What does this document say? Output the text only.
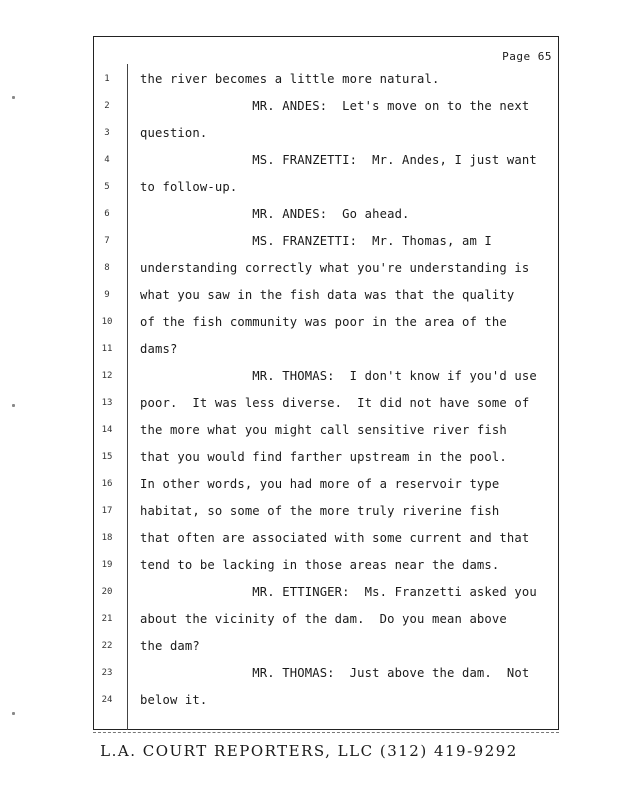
Page 65
1	the river becomes a little more natural.
2	MR. ANDES:  Let's move on to the next
3	question.
4	MS. FRANZETTI:  Mr. Andes, I just want
5	to follow-up.
6	MR. ANDES:  Go ahead.
7	MS. FRANZETTI:  Mr. Thomas, am I
8	understanding correctly what you're understanding is
9	what you saw in the fish data was that the quality
10	of the fish community was poor in the area of the
11	dams?
12	MR. THOMAS:  I don't know if you'd use
13	poor.  It was less diverse.  It did not have some of
14	the more what you might call sensitive river fish
15	that you would find farther upstream in the pool.
16	In other words, you had more of a reservoir type
17	habitat, so some of the more truly riverine fish
18	that often are associated with some current and that
19	tend to be lacking in those areas near the dams.
20	MR. ETTINGER:  Ms. Franzetti asked you
21	about the vicinity of the dam.  Do you mean above
22	the dam?
23	MR. THOMAS:  Just above the dam.  Not
24	below it.
L.A. COURT REPORTERS, LLC (312) 419-9292
